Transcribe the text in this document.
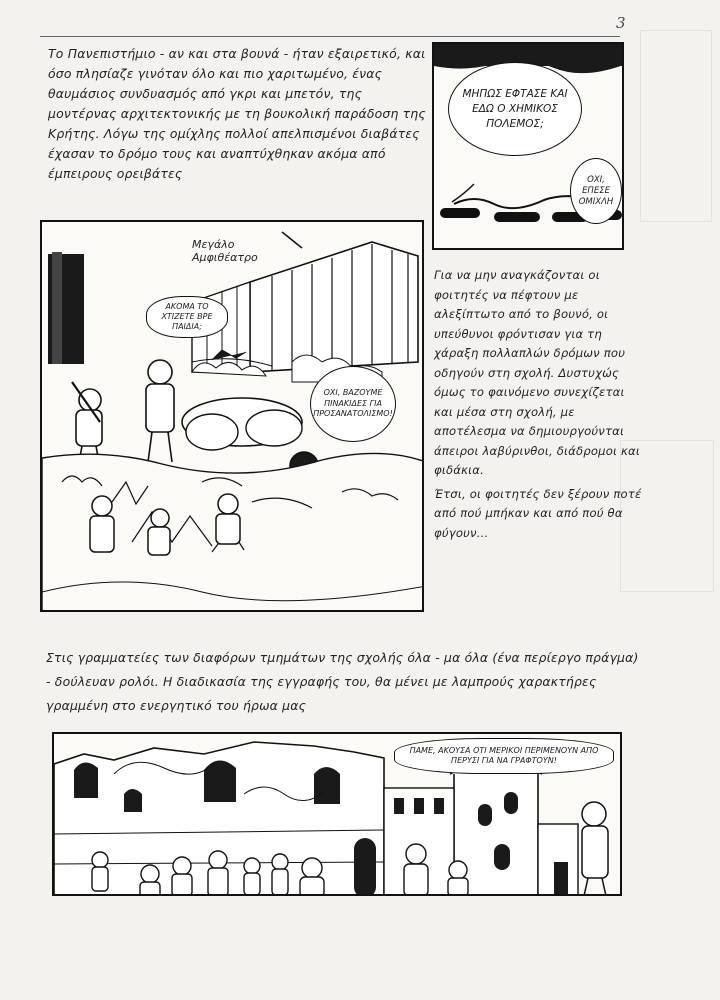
3
Το Πανεπιστήμιο - αν και στα βουνά - ήταν εξαιρετικό, και όσο πλησίαζε γινόταν όλο και πιο χαριτωμένο, ένας θαυμάσιος συνδυασμός από γκρι και μπετόν, της μοντέρνας αρχιτεκτονικής με τη βουκολική παράδοση της Κρήτης. Λόγω της ομίχλης πολλοί απελπισμένοι διαβάτες έχασαν το δρόμο τους και αναπτύχθηκαν ακόμα από έμπειρους ορειβάτες
ΜΗΠΩΣ ΕΦΤΑΣΕ ΚΑΙ ΕΔΩ Ο ΧΗΜΙΚΟΣ ΠΟΛΕΜΟΣ;
ΟΧΙ, ΕΠΕΣΕ ΟΜΙΧΛΗ
Μεγάλο Αμφιθέατρο
ΑΚΟΜΑ ΤΟ ΧΤΙΖΕΤΕ ΒΡΕ ΠΑΙΔΙΑ;
ΟΧΙ, ΒΑΖΟΥΜΕ ΠΙΝΑΚΙΔΕΣ ΓΙΑ ΠΡΟΣΑΝΑΤΟΛΙΣΜΟ!

Για να μην αναγκάζονται οι φοιτητές να πέφτουν με αλεξίπτωτο από το βουνό, οι υπεύθυνοι φρόντισαν για τη χάραξη πολλαπλών δρόμων που οδηγούν στη σχολή. Δυστυχώς όμως το φαινόμενο συνεχίζεται και μέσα στη σχολή, με αποτέλεσμα να δημιουργούνται άπειροι λαβύρινθοι, διάδρομοι και φιδάκια.

Έτσι, οι φοιτητές δεν ξέρουν ποτέ από πού μπήκαν και από πού θα φύγουν...

Στις γραμματείες των διαφόρων τμημάτων της σχολής όλα - μα όλα (ένα περίεργο πράγμα) - δούλευαν ρολόι. Η διαδικασία της εγγραφής του, θα μένει με λαμπρούς χαρακτήρες γραμμένη στο ενεργητικό του ήρωα μας
ΠΑΜΕ, ΑΚΟΥΣΑ ΟΤΙ ΜΕΡΙΚΟΙ ΠΕΡΙΜΕΝΟΥΝ ΑΠΟ ΠΕΡΥΣΙ ΓΙΑ ΝΑ ΓΡΑΦΤΟΥΝ!
